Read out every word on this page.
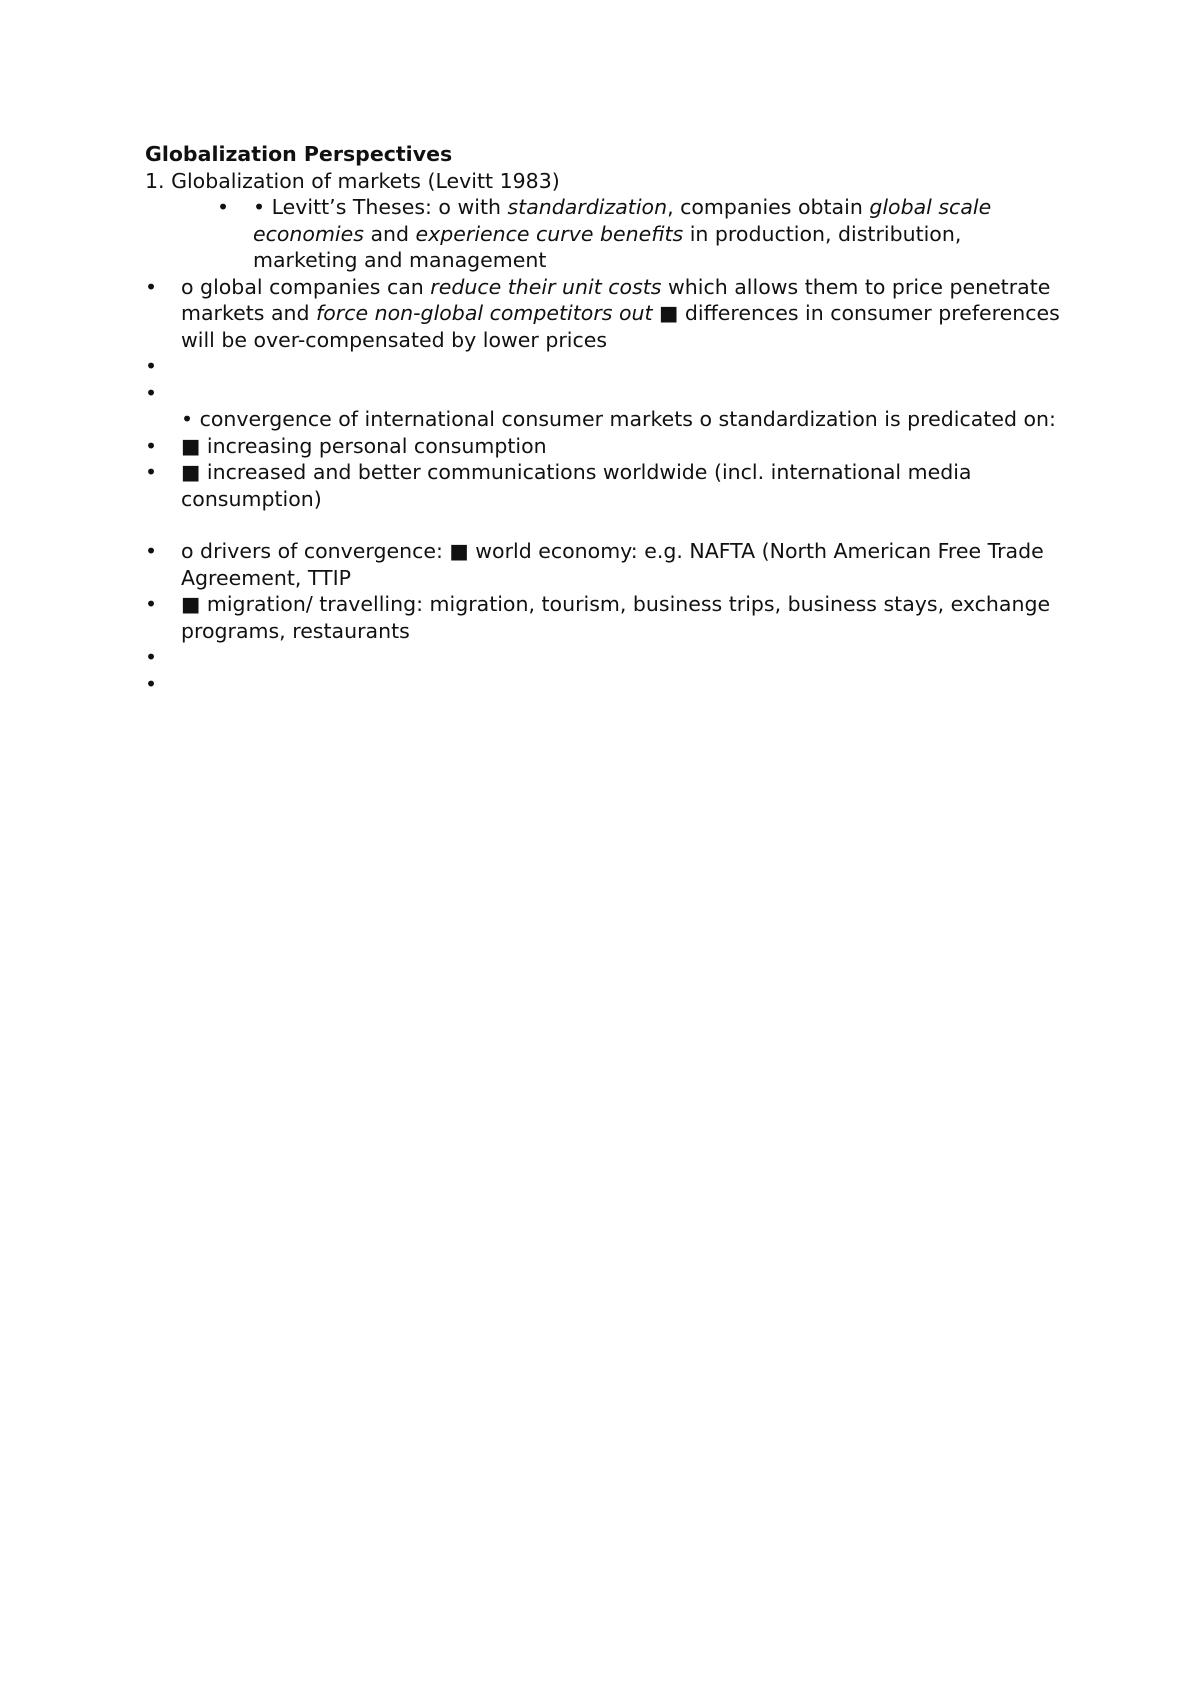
Globalization Perspectives

1. Globalization of markets (Levitt 1983)

•	• Levitt’s Theses: o with standardization, companies obtain global scale economies and experience curve benefits in production, distribution, marketing and management
•	o global companies can reduce their unit costs which allows them to price penetrate markets and force non-global competitors out ■ differences in consumer preferences will be over-compensated by lower prices
•
•
• convergence of international consumer markets o standardization is predicated on:
•	■ increasing personal consumption
•	■ increased and better communications worldwide (incl. international media consumption)
•	o drivers of convergence: ■ world economy: e.g. NAFTA (North American Free Trade Agreement, TTIP
•	■ migration/ travelling: migration, tourism, business trips, business stays, exchange programs, restaurants
•
•
